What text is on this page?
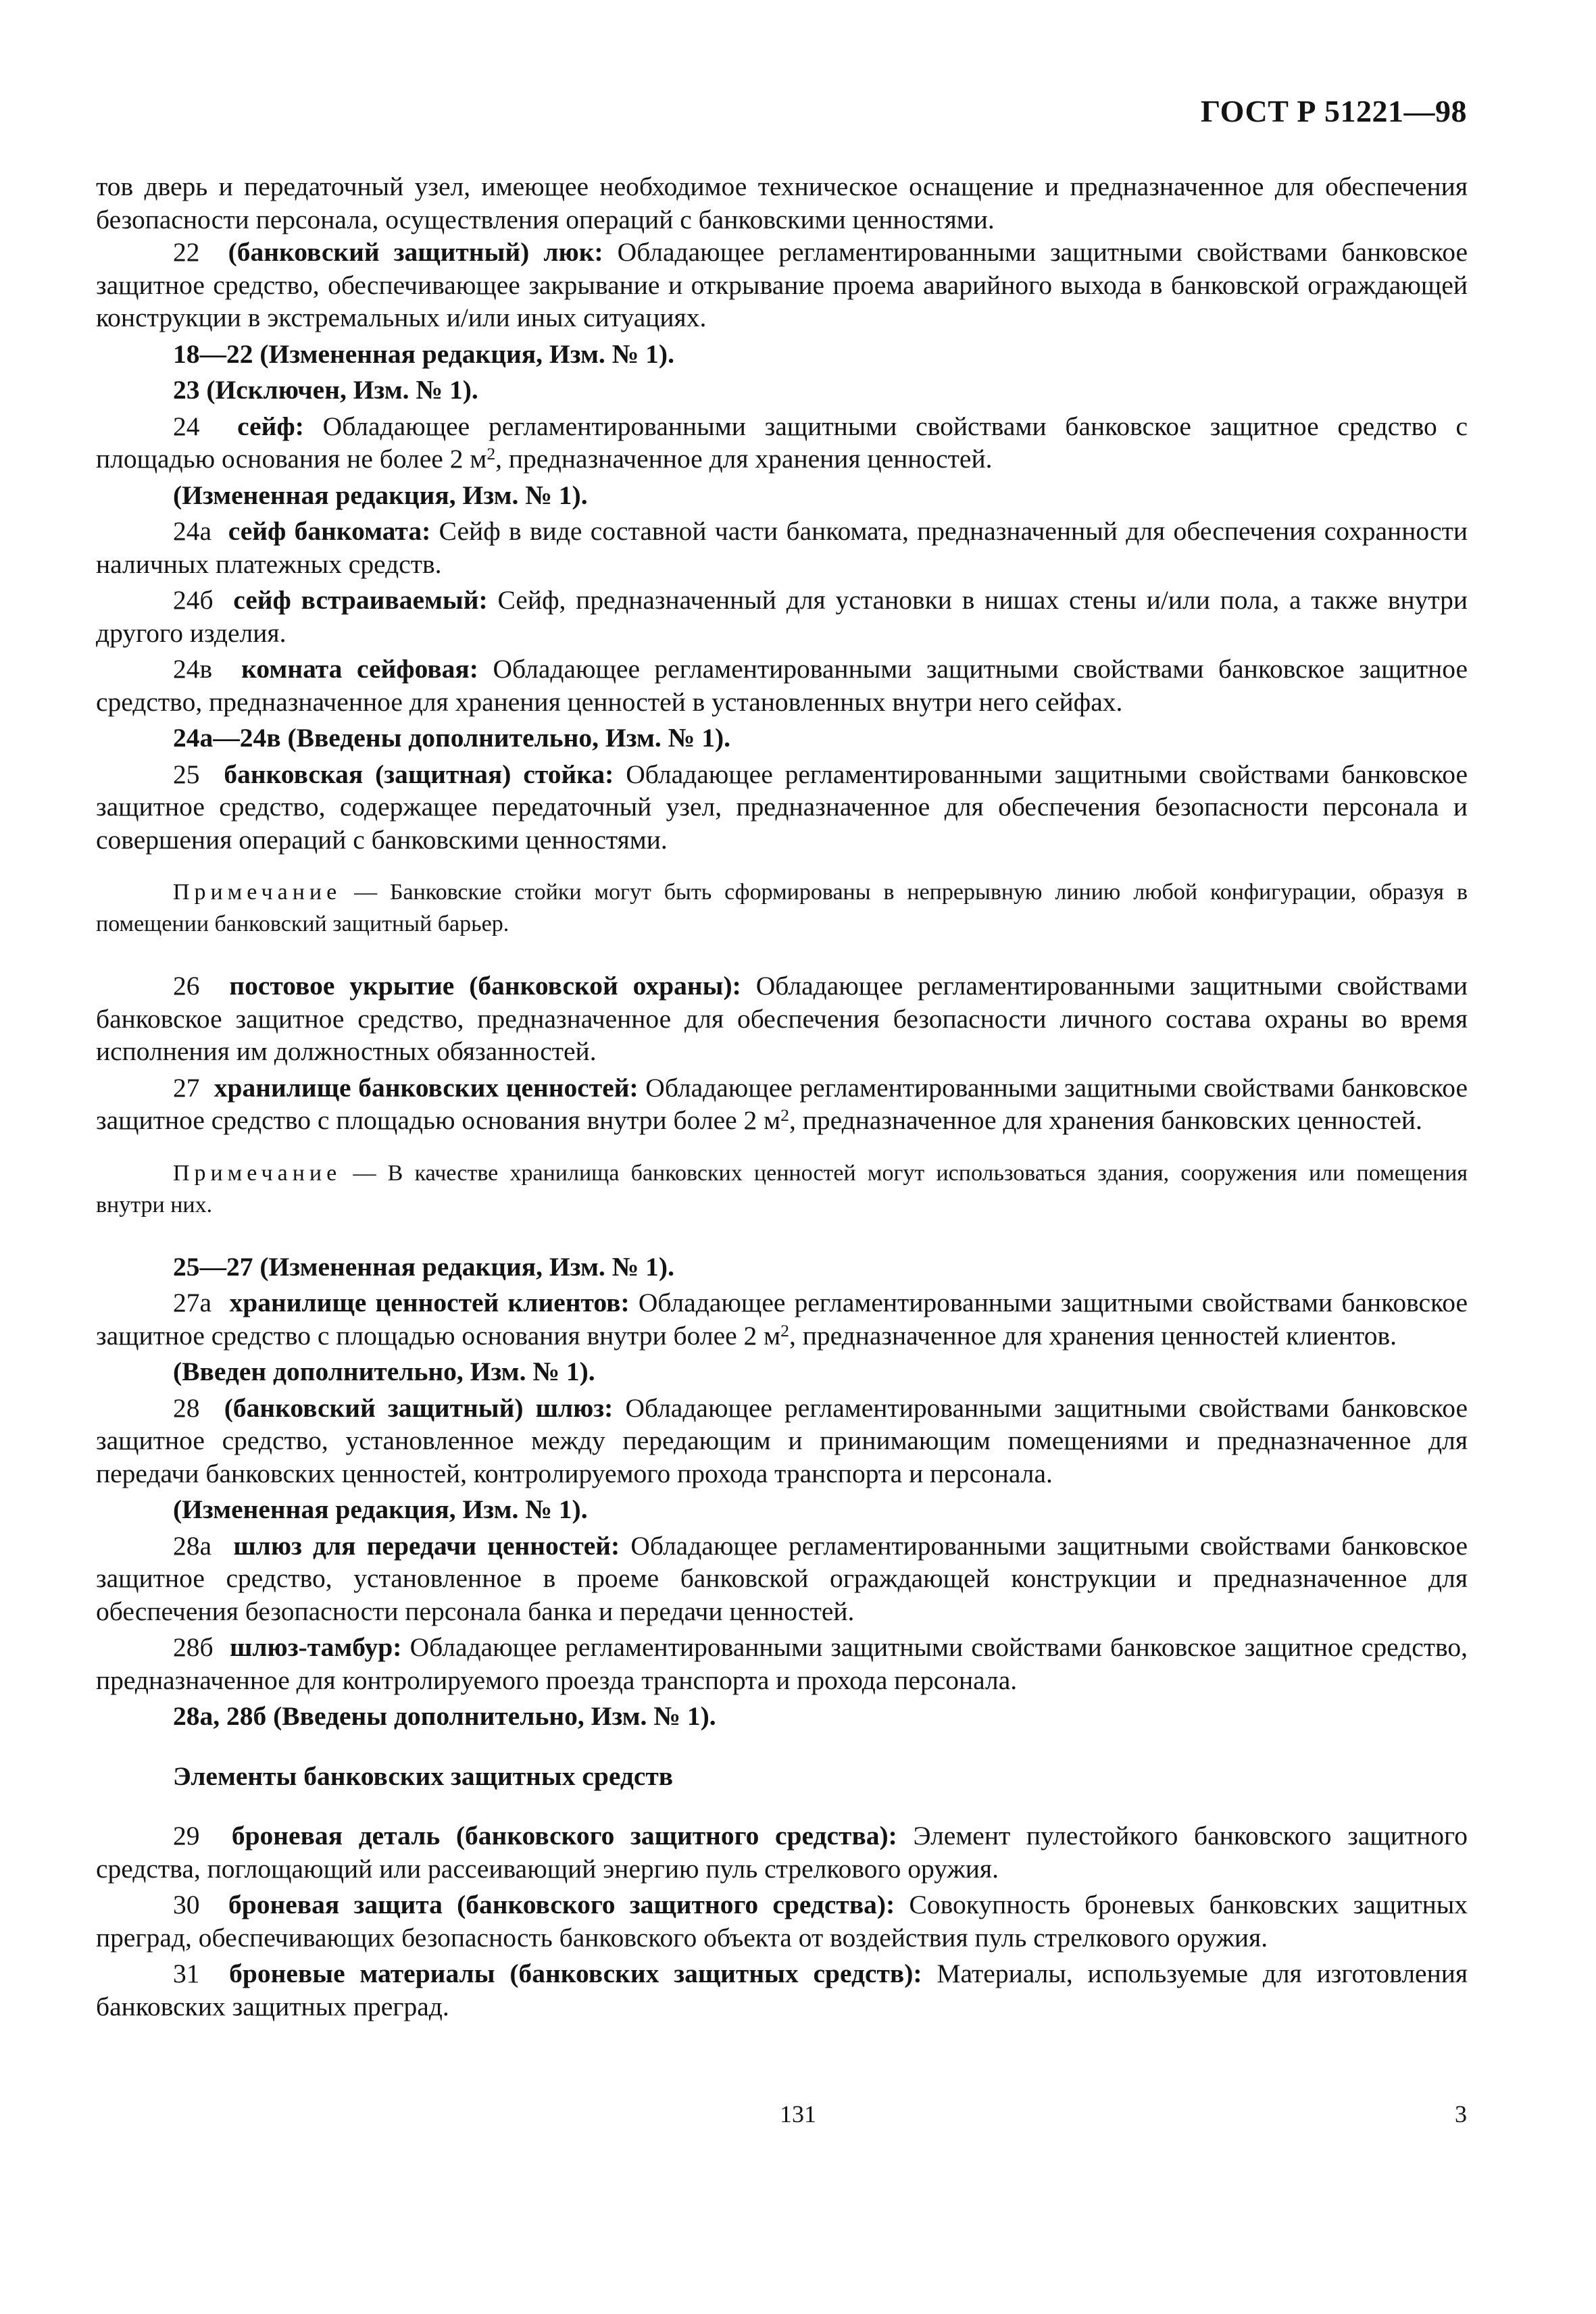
ГОСТ Р 51221—98

тов дверь и передаточный узел, имеющее необходимое техническое оснащение и предназначенное для обеспечения безопасности персонала, осуществления операций с банковскими ценностями.

22 (банковский защитный) люк: Обладающее регламентированными защитными свойствами банковское защитное средство, обеспечивающее закрывание и открывание проема аварийного выхода в банковской ограждающей конструкции в экстремальных и/или иных ситуациях.

18—22 (Измененная редакция, Изм. № 1).

23 (Исключен, Изм. № 1).

24 сейф: Обладающее регламентированными защитными свойствами банковское защитное средство с площадью основания не более 2 $м^2$, предназначенное для хранения ценностей.

(Измененная редакция, Изм. № 1).

24а сейф банкомата: Сейф в виде составной части банкомата, предназначенный для обеспечения сохранности наличных платежных средств.

24б сейф встраиваемый: Сейф, предназначенный для установки в нишах стены и/или пола, а также внутри другого изделия.

24в комната сейфовая: Обладающее регламентированными защитными свойствами банковское защитное средство, предназначенное для хранения ценностей в установленных внутри него сейфах.

24а—24в (Введены дополнительно, Изм. № 1).

25 банковская (защитная) стойка: Обладающее регламентированными защитными свойствами банковское защитное средство, содержащее передаточный узел, предназначенное для обеспечения безопасности персонала и совершения операций с банковскими ценностями.

Примечание — Банковские стойки могут быть сформированы в непрерывную линию любой конфигурации, образуя в помещении банковский защитный барьер.

26 постовое укрытие (банковской охраны): Обладающее регламентированными защитными свойствами банковское защитное средство, предназначенное для обеспечения безопасности личного состава охраны во время исполнения им должностных обязанностей.

27 хранилище банковских ценностей: Обладающее регламентированными защитными свойствами банковское защитное средство с площадью основания внутри более 2 $м^2$, предназначенное для хранения банковских ценностей.

Примечание — В качестве хранилища банковских ценностей могут использоваться здания, сооружения или помещения внутри них.

25—27 (Измененная редакция, Изм. № 1).

27а хранилище ценностей клиентов: Обладающее регламентированными защитными свойствами банковское защитное средство с площадью основания внутри более 2 $м^2$, предназначенное для хранения ценностей клиентов.

(Введен дополнительно, Изм. № 1).

28 (банковский защитный) шлюз: Обладающее регламентированными защитными свойствами банковское защитное средство, установленное между передающим и принимающим помещениями и предназначенное для передачи банковских ценностей, контролируемого прохода транспорта и персонала.

(Измененная редакция, Изм. № 1).

28а шлюз для передачи ценностей: Обладающее регламентированными защитными свойствами банковское защитное средство, установленное в проеме банковской ограждающей конструкции и предназначенное для обеспечения безопасности персонала банка и передачи ценностей.

28б шлюз-тамбур: Обладающее регламентированными защитными свойствами банковское защитное средство, предназначенное для контролируемого проезда транспорта и прохода персонала.

28а, 28б (Введены дополнительно, Изм. № 1).

Элементы банковских защитных средств

29 броневая деталь (банковского защитного средства): Элемент пулестойкого банковского защитного средства, поглощающий или рассеивающий энергию пуль стрелкового оружия.

30 броневая защита (банковского защитного средства): Совокупность броневых банковских защитных преград, обеспечивающих безопасность банковского объекта от воздействия пуль стрелкового оружия.

31 броневые материалы (банковских защитных средств): Материалы, используемые для изготовления банковских защитных преград.

131	3
